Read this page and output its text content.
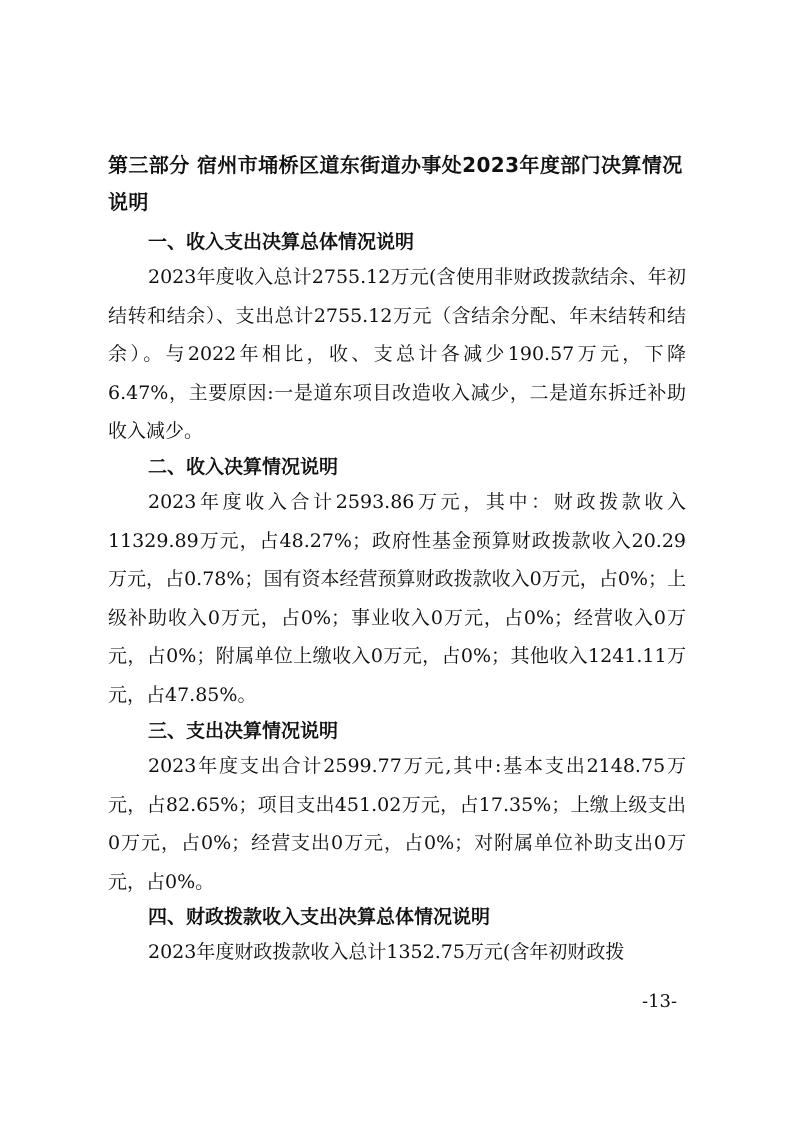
第三部分 宿州市埇桥区道东街道办事处2023年度部门决算情况说明
一、收入支出决算总体情况说明

2023年度收入总计2755.12万元(含使用非财政拨款结余、年初结转和结余）、支出总计2755.12万元（含结余分配、年末结转和结余）。与2022年相比，收、支总计各减少190.57万元，下降6.47%，主要原因:一是道东项目改造收入减少，二是道东拆迁补助收入减少。

二、收入决算情况说明

2023年度收入合计2593.86万元，其中：财政拨款收入11329.89万元，占48.27%；政府性基金预算财政拨款收入20.29万元，占0.78%；国有资本经营预算财政拨款收入0万元，占0%；上级补助收入0万元，占0%；事业收入0万元，占0%；经营收入0万元，占0%；附属单位上缴收入0万元，占0%；其他收入1241.11万元，占47.85%。

三、支出决算情况说明

2023年度支出合计2599.77万元,其中:基本支出2148.75万元，占82.65%；项目支出451.02万元，占17.35%；上缴上级支出0万元，占0%；经营支出0万元，占0%；对附属单位补助支出0万元，占0%。

四、财政拨款收入支出决算总体情况说明

2023年度财政拨款收入总计1352.75万元(含年初财政拨

-13-
